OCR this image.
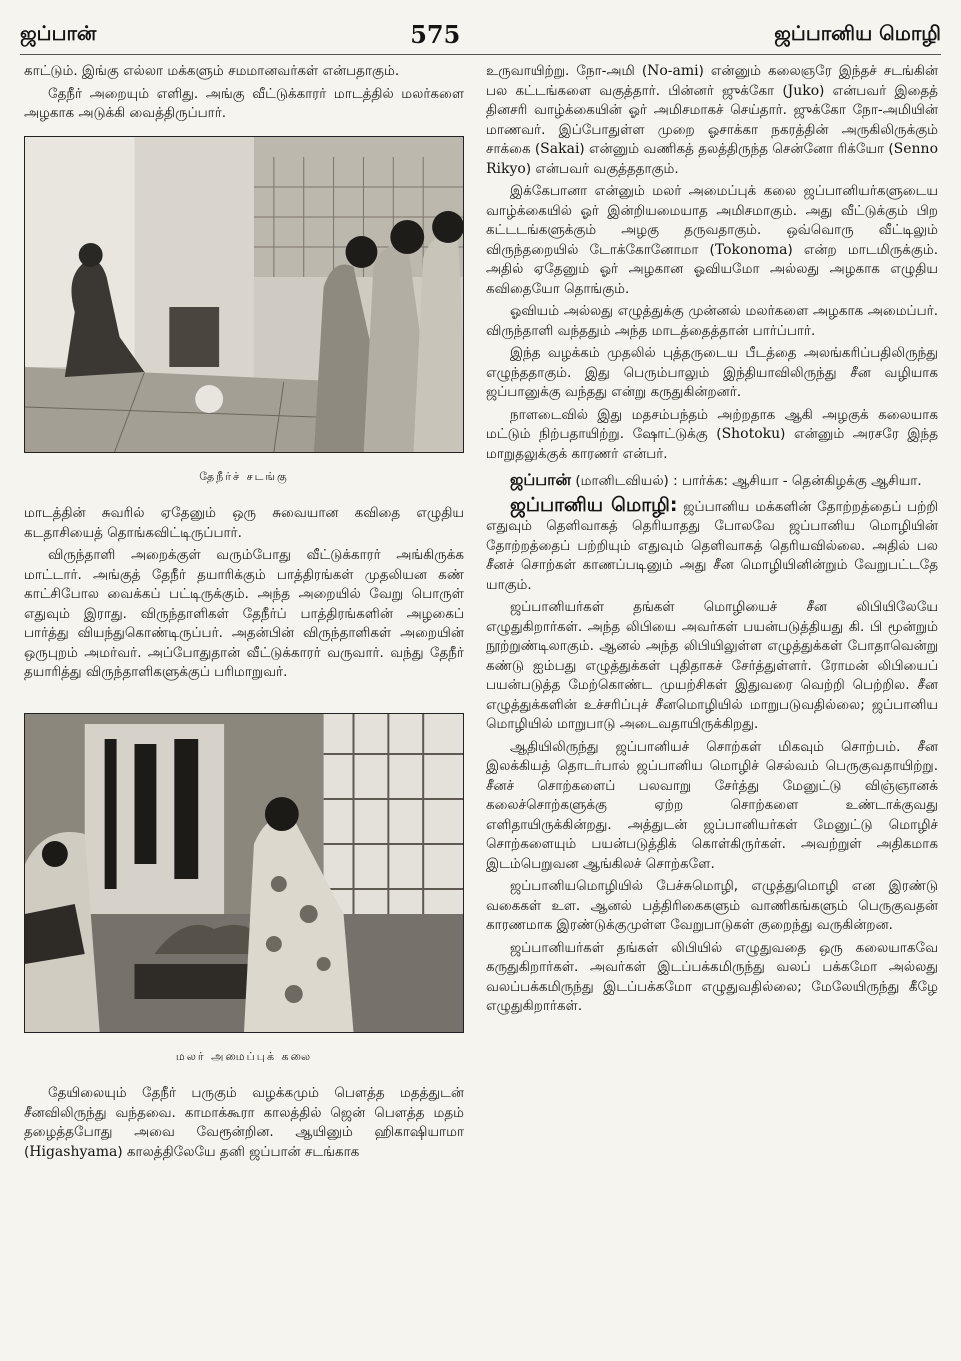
ஜப்பான்	575	ஜப்பானிய மொழி

காட்டும். இங்கு எல்லா மக்களும் சமமானவர்கள் என்பதாகும்.

தேநீர் அறையும் எளிது. அங்கு வீட்டுக்காரர் மாடத்தில் மலர்களை அழகாக அடுக்கி வைத்திருப்பார்.

தேநீர்ச் சடங்கு

மாடத்தின் சுவரில் ஏதேனும் ஒரு சுவையான கவிதை எழுதிய கடதாசியைத் தொங்கவிட்டிருப்பார்.

விருந்தாளி அறைக்குள் வரும்போது வீட்டுக்காரர் அங்கிருக்க மாட்டார். அங்குத் தேநீர் தயாரிக்கும் பாத்திரங்கள் முதலியன கண் காட்சிபோல வைக்கப் பட்டிருக்கும். அந்த அறையில் வேறு பொருள் எதுவும் இராது. விருந்தாளிகள் தேநீர்ப் பாத்திரங்களின் அழகைப் பார்த்து வியந்துகொண்டிருப்பர். அதன்பின் விருந்தாளிகள் அறையின் ஒருபுறம் அமர்வர். அப்போதுதான் வீட்டுக்காரர் வருவார். வந்து தேநீர் தயாரித்து விருந்தாளிகளுக்குப் பரிமாறுவர்.

மலர் அமைப்புக் கலை

தேயிலையும் தேநீர் பருகும் வழக்கமும் பௌத்த மதத்துடன் சீனவிலிருந்து வந்தவை. காமாக்கூரா காலத்தில் ஜென் பௌத்த மதம் தழைத்தபோது அவை வேரூன்றின. ஆயினும் ஹிகாஷியாமா (Higashyama) காலத்திலேயே தனி ஜப்பான் சடங்காக

உருவாயிற்று. நோ-அமி (No-ami) என்னும் கலைஞரே இந்தச் சடங்கின் பல கட்டங்களை வகுத்தார். பின்னர் ஜுக்கோ (Juko) என்பவர் இதைத் தினசரி வாழ்க்கையின் ஓர் அமிசமாகச் செய்தார். ஜுக்கோ நோ-அமியின் மாணவர். இப்போதுள்ள முறை ஓசாக்கா நகரத்தின் அருகிலிருக்கும் சாக்கை (Sakai) என்னும் வணிகத் தலத்திருந்த சென்னோ ரிக்யோ (Senno Rikyo) என்பவர் வகுத்ததாகும்.

இக்கேபானா என்னும் மலர் அமைப்புக் கலை ஜப்பானியர்களுடைய வாழ்க்கையில் ஓர் இன்றியமையாத அமிசமாகும். அது வீட்டுக்கும் பிற கட்டடங்களுக்கும் அழகு தருவதாகும். ஒவ்வொரு வீட்டிலும் விருந்தறையில் டோக்கோனோமா (Tokonoma) என்ற மாடமிருக்கும். அதில் ஏதேனும் ஓர் அழகான ஓவியமோ அல்லது அழகாக எழுதிய கவிதையோ தொங்கும்.

ஓவியம் அல்லது எழுத்துக்கு முன்னல் மலர்களை அழகாக அமைப்பர். விருந்தாளி வந்ததும் அந்த மாடத்தைத்தான் பார்ப்பார்.

இந்த வழக்கம் முதலில் புத்தருடைய பீடத்தை அலங்கரிப்பதிலிருந்து எழுந்ததாகும். இது பெரும்பாலும் இந்தியாவிலிருந்து சீன வழியாக ஜப்பானுக்கு வந்தது என்று கருதுகின்றனர்.

நாளடைவில் இது மதசம்பந்தம் அற்றதாக ஆகி அழகுக் கலையாக மட்டும் நிற்பதாயிற்று. ஷோட்டுக்கு (Shotoku) என்னும் அரசரே இந்த மாறுதலுக்குக் காரணர் என்பர்.

ஜப்பான் (மானிடவியல்) : பார்க்க: ஆசியா - தென்கிழக்கு ஆசியா.

ஜப்பானிய மொழி: ஜப்பானிய மக்களின் தோற்றத்தைப் பற்றி எதுவும் தெளிவாகத் தெரியாதது போலவே ஜப்பானிய மொழியின் தோற்றத்தைப் பற்றியும் எதுவும் தெளிவாகத் தெரியவில்லை. அதில் பல சீனச் சொற்கள் காணப்படினும் அது சீன மொழியினின்றும் வேறுபட்டதே யாகும்.

ஜப்பானியர்கள் தங்கள் மொழியைச் சீன லிபியிலேயே எழுதுகிறார்கள். அந்த லிபியை அவர்கள் பயன்படுத்தியது கி. பி மூன்றும் நூற்றுண்டிலாகும். ஆனல் அந்த லிபியிலுள்ள எழுத்துக்கள் போதாவென்று கண்டு ஐம்பது எழுத்துக்கள் புதிதாகச் சேர்த்துள்ளர். ரோமன் லிபியைப் பயன்படுத்த மேற்கொண்ட முயற்சிகள் இதுவரை வெற்றி பெற்றில. சீன எழுத்துக்களின் உச்சரிப்புச் சீனமொழியில் மாறுபடுவதில்லை; ஜப்பானிய மொழியில் மாறுபாடு அடைவதாயிருக்கிறது.

ஆதியிலிருந்து ஜப்பானியச் சொற்கள் மிகவும் சொற்பம். சீன இலக்கியத் தொடர்பால் ஜப்பானிய மொழிச் செல்வம் பெருகுவதாயிற்று. சீனச் சொற்களைப் பலவாறு சேர்த்து மேனுட்டு விஞ்ஞானக் கலைச்சொற்களுக்கு ஏற்ற சொற்களை உண்டாக்குவது எளிதாயிருக்கின்றது. அத்துடன் ஜப்பானியர்கள் மேனுட்டு மொழிச் சொற்களையும் பயன்படுத்திக் கொள்கிருர்கள். அவற்றுள் அதிகமாக இடம்பெறுவன ஆங்கிலச் சொற்களே.

ஜப்பானியமொழியில் பேச்சுமொழி, எழுத்துமொழி என இரண்டு வகைகள் உள. ஆனல் பத்திரிகைகளும் வாணிகங்களும் பெருகுவதன் காரணமாக இரண்டுக்குமுள்ள வேறுபாடுகள் குறைந்து வருகின்றன.

ஜப்பானியர்கள் தங்கள் லிபியில் எழுதுவதை ஒரு கலையாகவே கருதுகிறார்கள். அவர்கள் இடப்பக்கமிருந்து வலப் பக்கமோ அல்லது வலப்பக்கமிருந்து இடப்பக்கமோ எழுதுவதில்லை; மேலேயிருந்து கீழே எழுதுகிறார்கள்.
